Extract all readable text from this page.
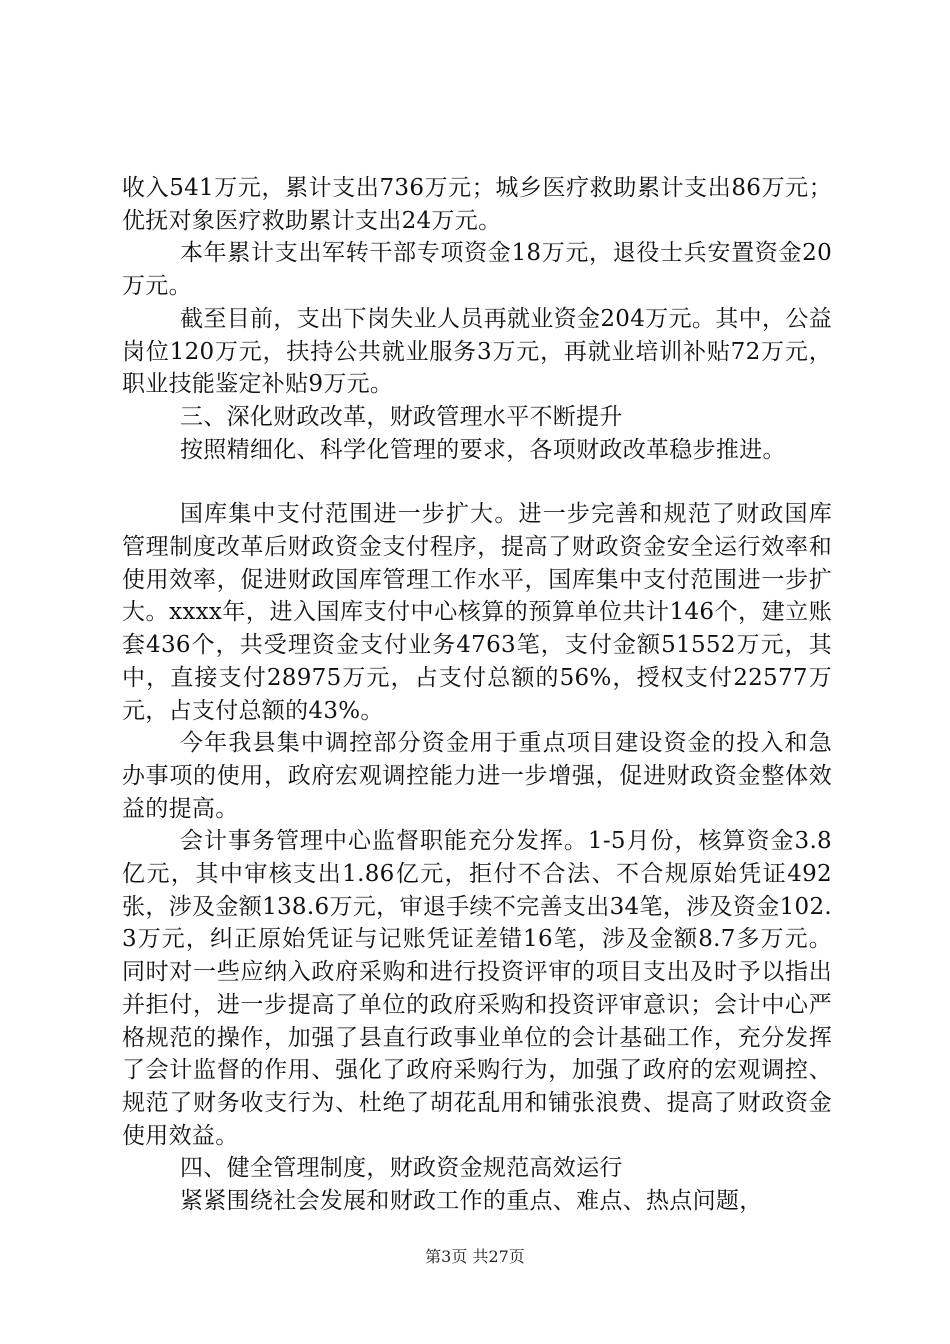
收入541万元，累计支出736万元；城乡医疗救助累计支出86万元；优抚对象医疗救助累计支出24万元。

本年累计支出军转干部专项资金18万元，退役士兵安置资金20万元。

截至目前，支出下岗失业人员再就业资金204万元。其中，公益岗位120万元，扶持公共就业服务3万元，再就业培训补贴72万元，职业技能鉴定补贴9万元。

三、深化财政改革，财政管理水平不断提升

按照精细化、科学化管理的要求，各项财政改革稳步推进。

国库集中支付范围进一步扩大。进一步完善和规范了财政国库管理制度改革后财政资金支付程序，提高了财政资金安全运行效率和使用效率，促进财政国库管理工作水平，国库集中支付范围进一步扩大。xxxx年，进入国库支付中心核算的预算单位共计146个，建立账套436个，共受理资金支付业务4763笔，支付金额51552万元，其中，直接支付28975万元，占支付总额的56%，授权支付22577万元，占支付总额的43%。

今年我县集中调控部分资金用于重点项目建设资金的投入和急办事项的使用，政府宏观调控能力进一步增强，促进财政资金整体效益的提高。

会计事务管理中心监督职能充分发挥。1-5月份，核算资金3.8亿元，其中审核支出1.86亿元，拒付不合法、不合规原始凭证492张，涉及金额138.6万元，审退手续不完善支出34笔，涉及资金102.3万元，纠正原始凭证与记账凭证差错16笔，涉及金额8.7多万元。同时对一些应纳入政府采购和进行投资评审的项目支出及时予以指出并拒付，进一步提高了单位的政府采购和投资评审意识；会计中心严格规范的操作，加强了县直行政事业单位的会计基础工作，充分发挥了会计监督的作用、强化了政府采购行为，加强了政府的宏观调控、规范了财务收支行为、杜绝了胡花乱用和铺张浪费、提高了财政资金使用效益。

四、健全管理制度，财政资金规范高效运行

紧紧围绕社会发展和财政工作的重点、难点、热点问题，

第3页 共27页
